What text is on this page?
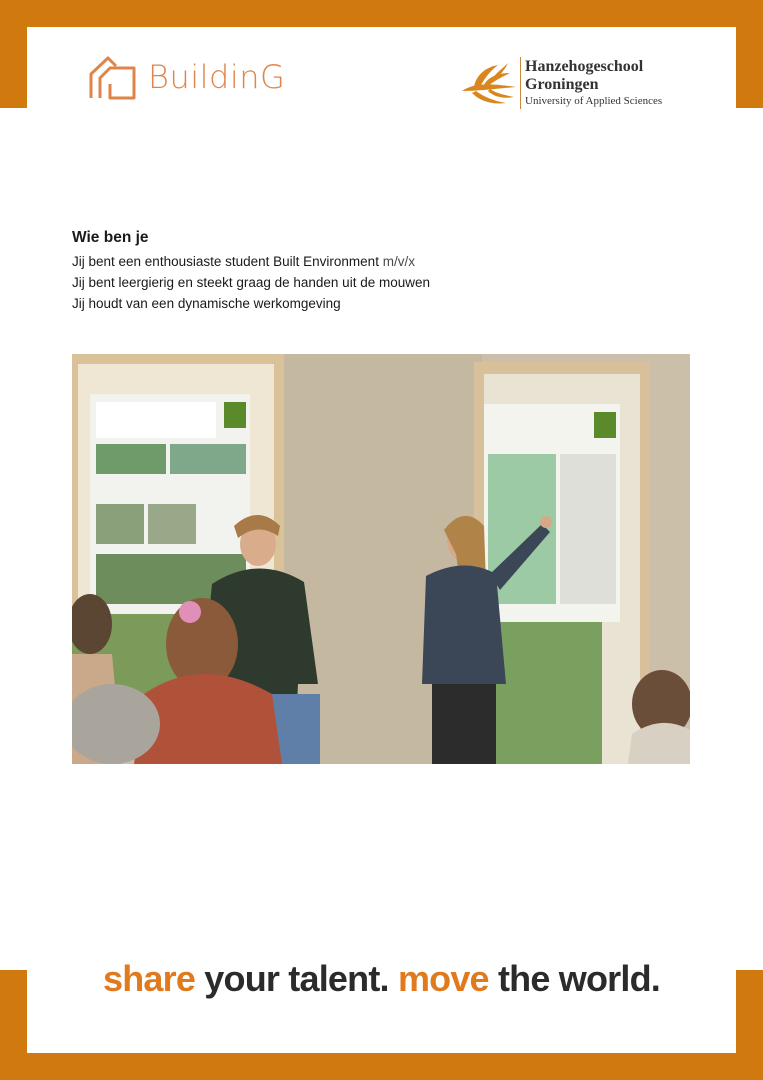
BuildinG	Hanzehogeschool
Groningen
University of Applied Sciences
Wie ben je

Jij bent een enthousiaste student Built Environment m/v/x

Jij bent leergierig en steekt graag de handen uit de mouwen

Jij houdt van een dynamische werkomgeving

share your talent. move the world.
